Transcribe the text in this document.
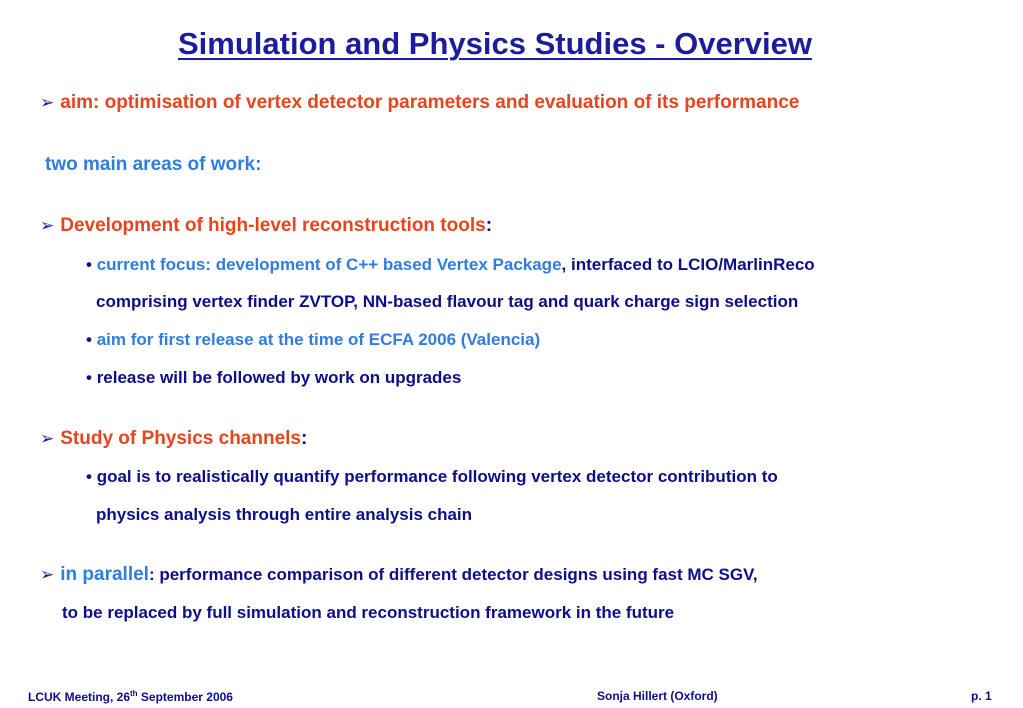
Simulation and Physics Studies - Overview
➢ aim: optimisation of vertex detector parameters and evaluation of its performance
two main areas of work:
➢ Development of high-level reconstruction tools:
• current focus: development of C++ based Vertex Package, interfaced to LCIO/MarlinReco
comprising vertex finder ZVTOP, NN-based flavour tag and quark charge sign selection
• aim for first release at the time of ECFA 2006 (Valencia)
• release will be followed by work on upgrades
➢ Study of Physics channels:
• goal is to realistically quantify performance following vertex detector contribution to
physics analysis through entire analysis chain
➢ in parallel: performance comparison of different detector designs using fast MC SGV,
to be replaced by full simulation and reconstruction framework in the future
LCUK Meeting, 26th September 2006	Sonja Hillert (Oxford)	p. 1
